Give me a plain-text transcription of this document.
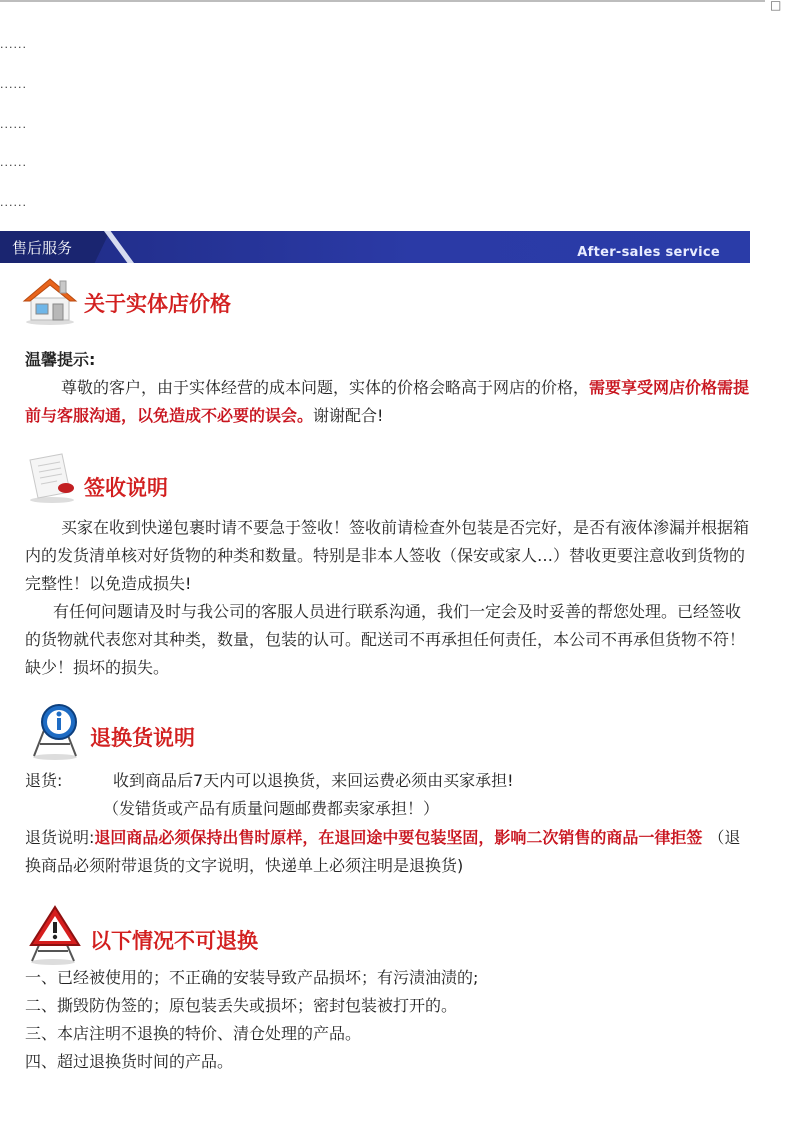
□
......
......
......
......
......
售后服务	After-sales service
关于实体店价格
温馨提示:
尊敬的客户，由于实体经营的成本问题，实体的价格会略高于网店的价格，需要享受网店价格需提前与客服沟通，以免造成不必要的误会。谢谢配合!
签收说明
买家在收到快递包裹时请不要急于签收！签收前请检查外包装是否完好，是否有液体渗漏并根据箱内的发货清单核对好货物的种类和数量。特别是非本人签收（保安或家人…）替收更要注意收到货物的完整性！以免造成损失!
有任何问题请及时与我公司的客服人员进行联系沟通，我们一定会及时妥善的帮您处理。已经签收的货物就代表您对其种类，数量，包装的认可。配送司不再承担任何责任，本公司不再承但货物不符！缺少！损坏的损失。
退换货说明
退货:	收到商品后7天内可以退换货，来回运费必须由买家承担!
（发错货或产品有质量问题邮费都卖家承担！）
退货说明:退回商品必须保持出售时原样，在退回途中要包装坚固，影响二次销售的商品一律拒签 （退换商品必须附带退货的文字说明，快递单上必须注明是退换货)
以下情况不可退换
一、已经被使用的；不正确的安装导致产品损坏；有污渍油渍的;
二、撕毁防伪签的；原包装丢失或损坏；密封包装被打开的。
三、本店注明不退换的特价、清仓处理的产品。
四、超过退换货时间的产品。
